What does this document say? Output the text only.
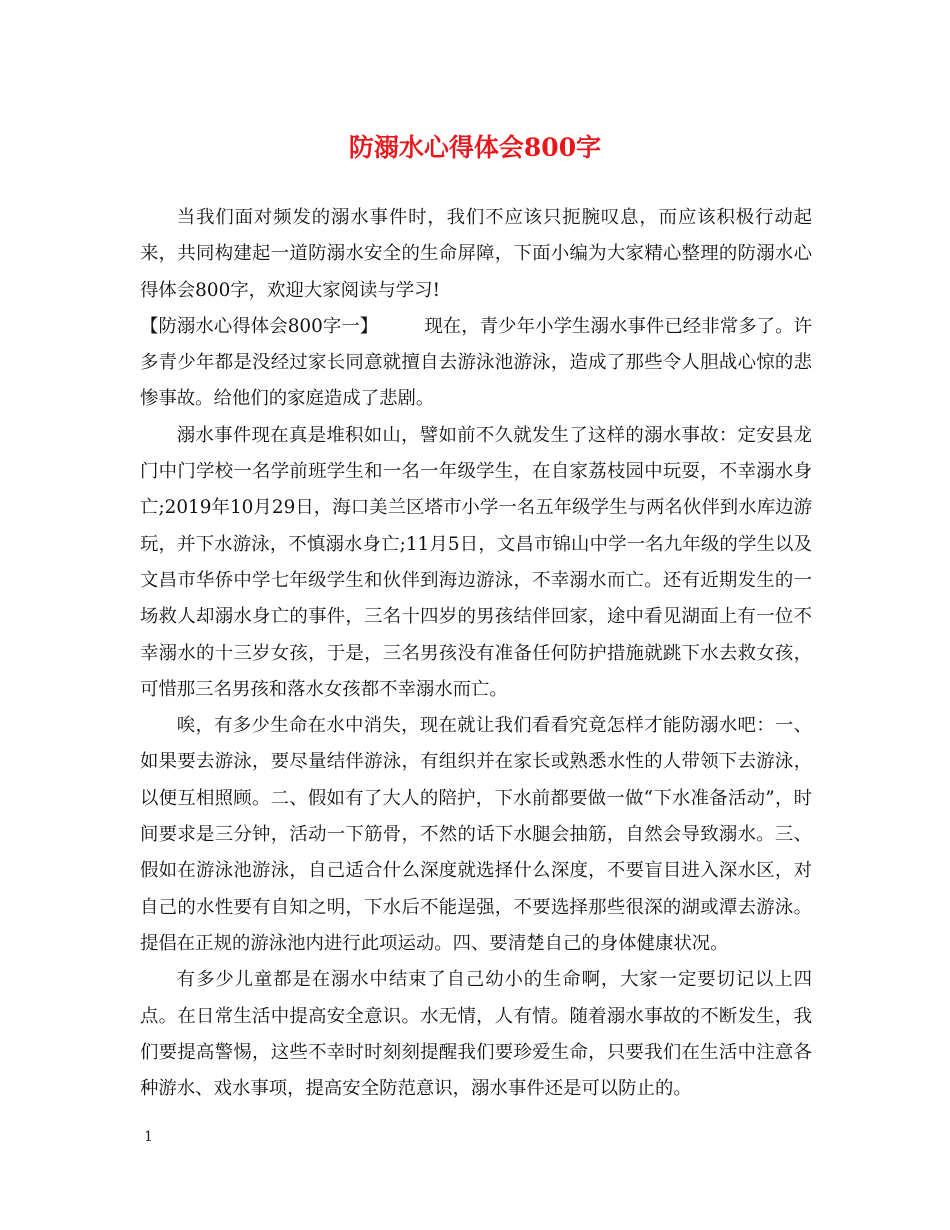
防溺水心得体会800字

当我们面对频发的溺水事件时，我们不应该只扼腕叹息，而应该积极行动起来，共同构建起一道防溺水安全的生命屏障，下面小编为大家精心整理的防溺水心得体会800字，欢迎大家阅读与学习!

【防溺水心得体会800字一】	现在，青少年小学生溺水事件已经非常多了。许多青少年都是没经过家长同意就擅自去游泳池游泳，造成了那些令人胆战心惊的悲惨事故。给他们的家庭造成了悲剧。

溺水事件现在真是堆积如山，譬如前不久就发生了这样的溺水事故：定安县龙门中门学校一名学前班学生和一名一年级学生，在自家荔枝园中玩耍，不幸溺水身亡;2019年10月29日，海口美兰区塔市小学一名五年级学生与两名伙伴到水库边游玩，并下水游泳，不慎溺水身亡;11月5日，文昌市锦山中学一名九年级的学生以及文昌市华侨中学七年级学生和伙伴到海边游泳，不幸溺水而亡。还有近期发生的一场救人却溺水身亡的事件，三名十四岁的男孩结伴回家，途中看见湖面上有一位不幸溺水的十三岁女孩，于是，三名男孩没有准备任何防护措施就跳下水去救女孩，可惜那三名男孩和落水女孩都不幸溺水而亡。

唉，有多少生命在水中消失，现在就让我们看看究竟怎样才能防溺水吧：一、如果要去游泳，要尽量结伴游泳，有组织并在家长或熟悉水性的人带领下去游泳，以便互相照顾。二、假如有了大人的陪护，下水前都要做一做“下水准备活动”，时间要求是三分钟，活动一下筋骨，不然的话下水腿会抽筋，自然会导致溺水。三、假如在游泳池游泳，自己适合什么深度就选择什么深度，不要盲目进入深水区，对自己的水性要有自知之明，下水后不能逞强，不要选择那些很深的湖或潭去游泳。提倡在正规的游泳池内进行此项运动。四、要清楚自己的身体健康状况。

有多少儿童都是在溺水中结束了自己幼小的生命啊，大家一定要切记以上四点。在日常生活中提高安全意识。水无情，人有情。随着溺水事故的不断发生，我们要提高警惕，这些不幸时时刻刻提醒我们要珍爱生命，只要我们在生活中注意各种游水、戏水事项，提高安全防范意识，溺水事件还是可以防止的。

1
